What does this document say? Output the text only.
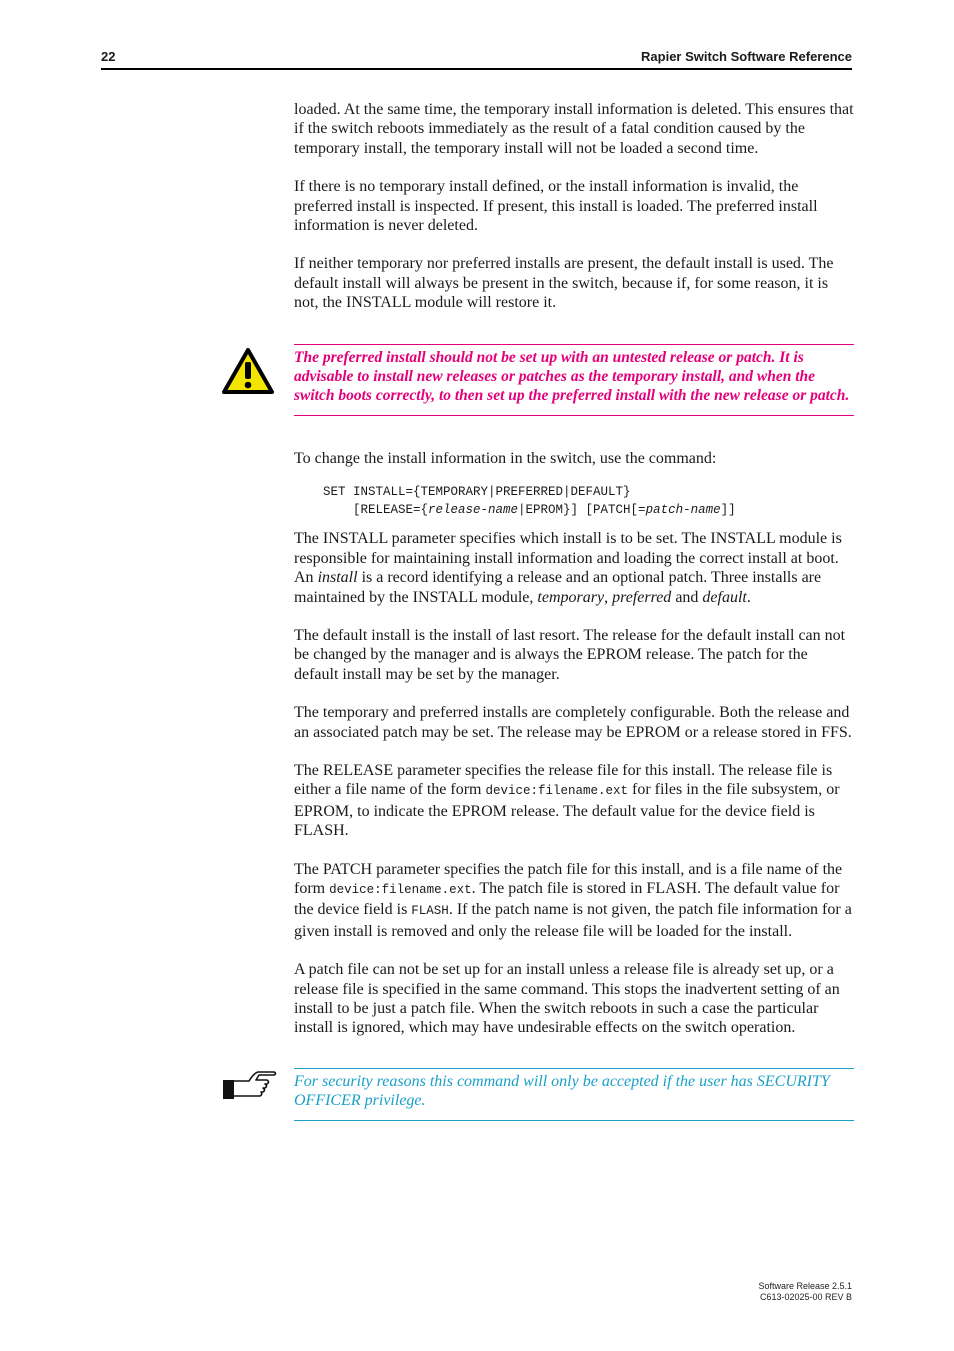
22	Rapier Switch Software Reference

loaded. At the same time, the temporary install information is deleted. This ensures that if the switch reboots immediately as the result of a fatal condition caused by the temporary install, the temporary install will not be loaded a second time.

If there is no temporary install defined, or the install information is invalid, the preferred install is inspected. If present, this install is loaded. The preferred install information is never deleted.

If neither temporary nor preferred installs are present, the default install is used. The default install will always be present in the switch, because if, for some reason, it is not, the INSTALL module will restore it.

The preferred install should not be set up with an untested release or patch. It is advisable to install new releases or patches as the temporary install, and when the switch boots correctly, to then set up the preferred install with the new release or patch.

To change the install information in the switch, use the command:

SET INSTALL={TEMPORARY|PREFERRED|DEFAULT}
[RELEASE={release-name|EPROM}] [PATCH[=patch-name]]

The INSTALL parameter specifies which install is to be set. The INSTALL module is responsible for maintaining install information and loading the correct install at boot. An install is a record identifying a release and an optional patch. Three installs are maintained by the INSTALL module, temporary, preferred and default.

The default install is the install of last resort. The release for the default install can not be changed by the manager and is always the EPROM release. The patch for the default install may be set by the manager.

The temporary and preferred installs are completely configurable. Both the release and an associated patch may be set. The release may be EPROM or a release stored in FFS.

The RELEASE parameter specifies the release file for this install. The release file is either a file name of the form device:filename.ext for files in the file subsystem, or EPROM, to indicate the EPROM release. The default value for the device field is FLASH.

The PATCH parameter specifies the patch file for this install, and is a file name of the form device:filename.ext. The patch file is stored in FLASH. The default value for the device field is FLASH. If the patch name is not given, the patch file information for a given install is removed and only the release file will be loaded for the install.

A patch file can not be set up for an install unless a release file is already set up, or a release file is specified in the same command. This stops the inadvertent setting of an install to be just a patch file. When the switch reboots in such a case the particular install is ignored, which may have undesirable effects on the switch operation.

For security reasons this command will only be accepted if the user has SECURITY OFFICER privilege.
Software Release 2.5.1
C613-02025-00 REV B
